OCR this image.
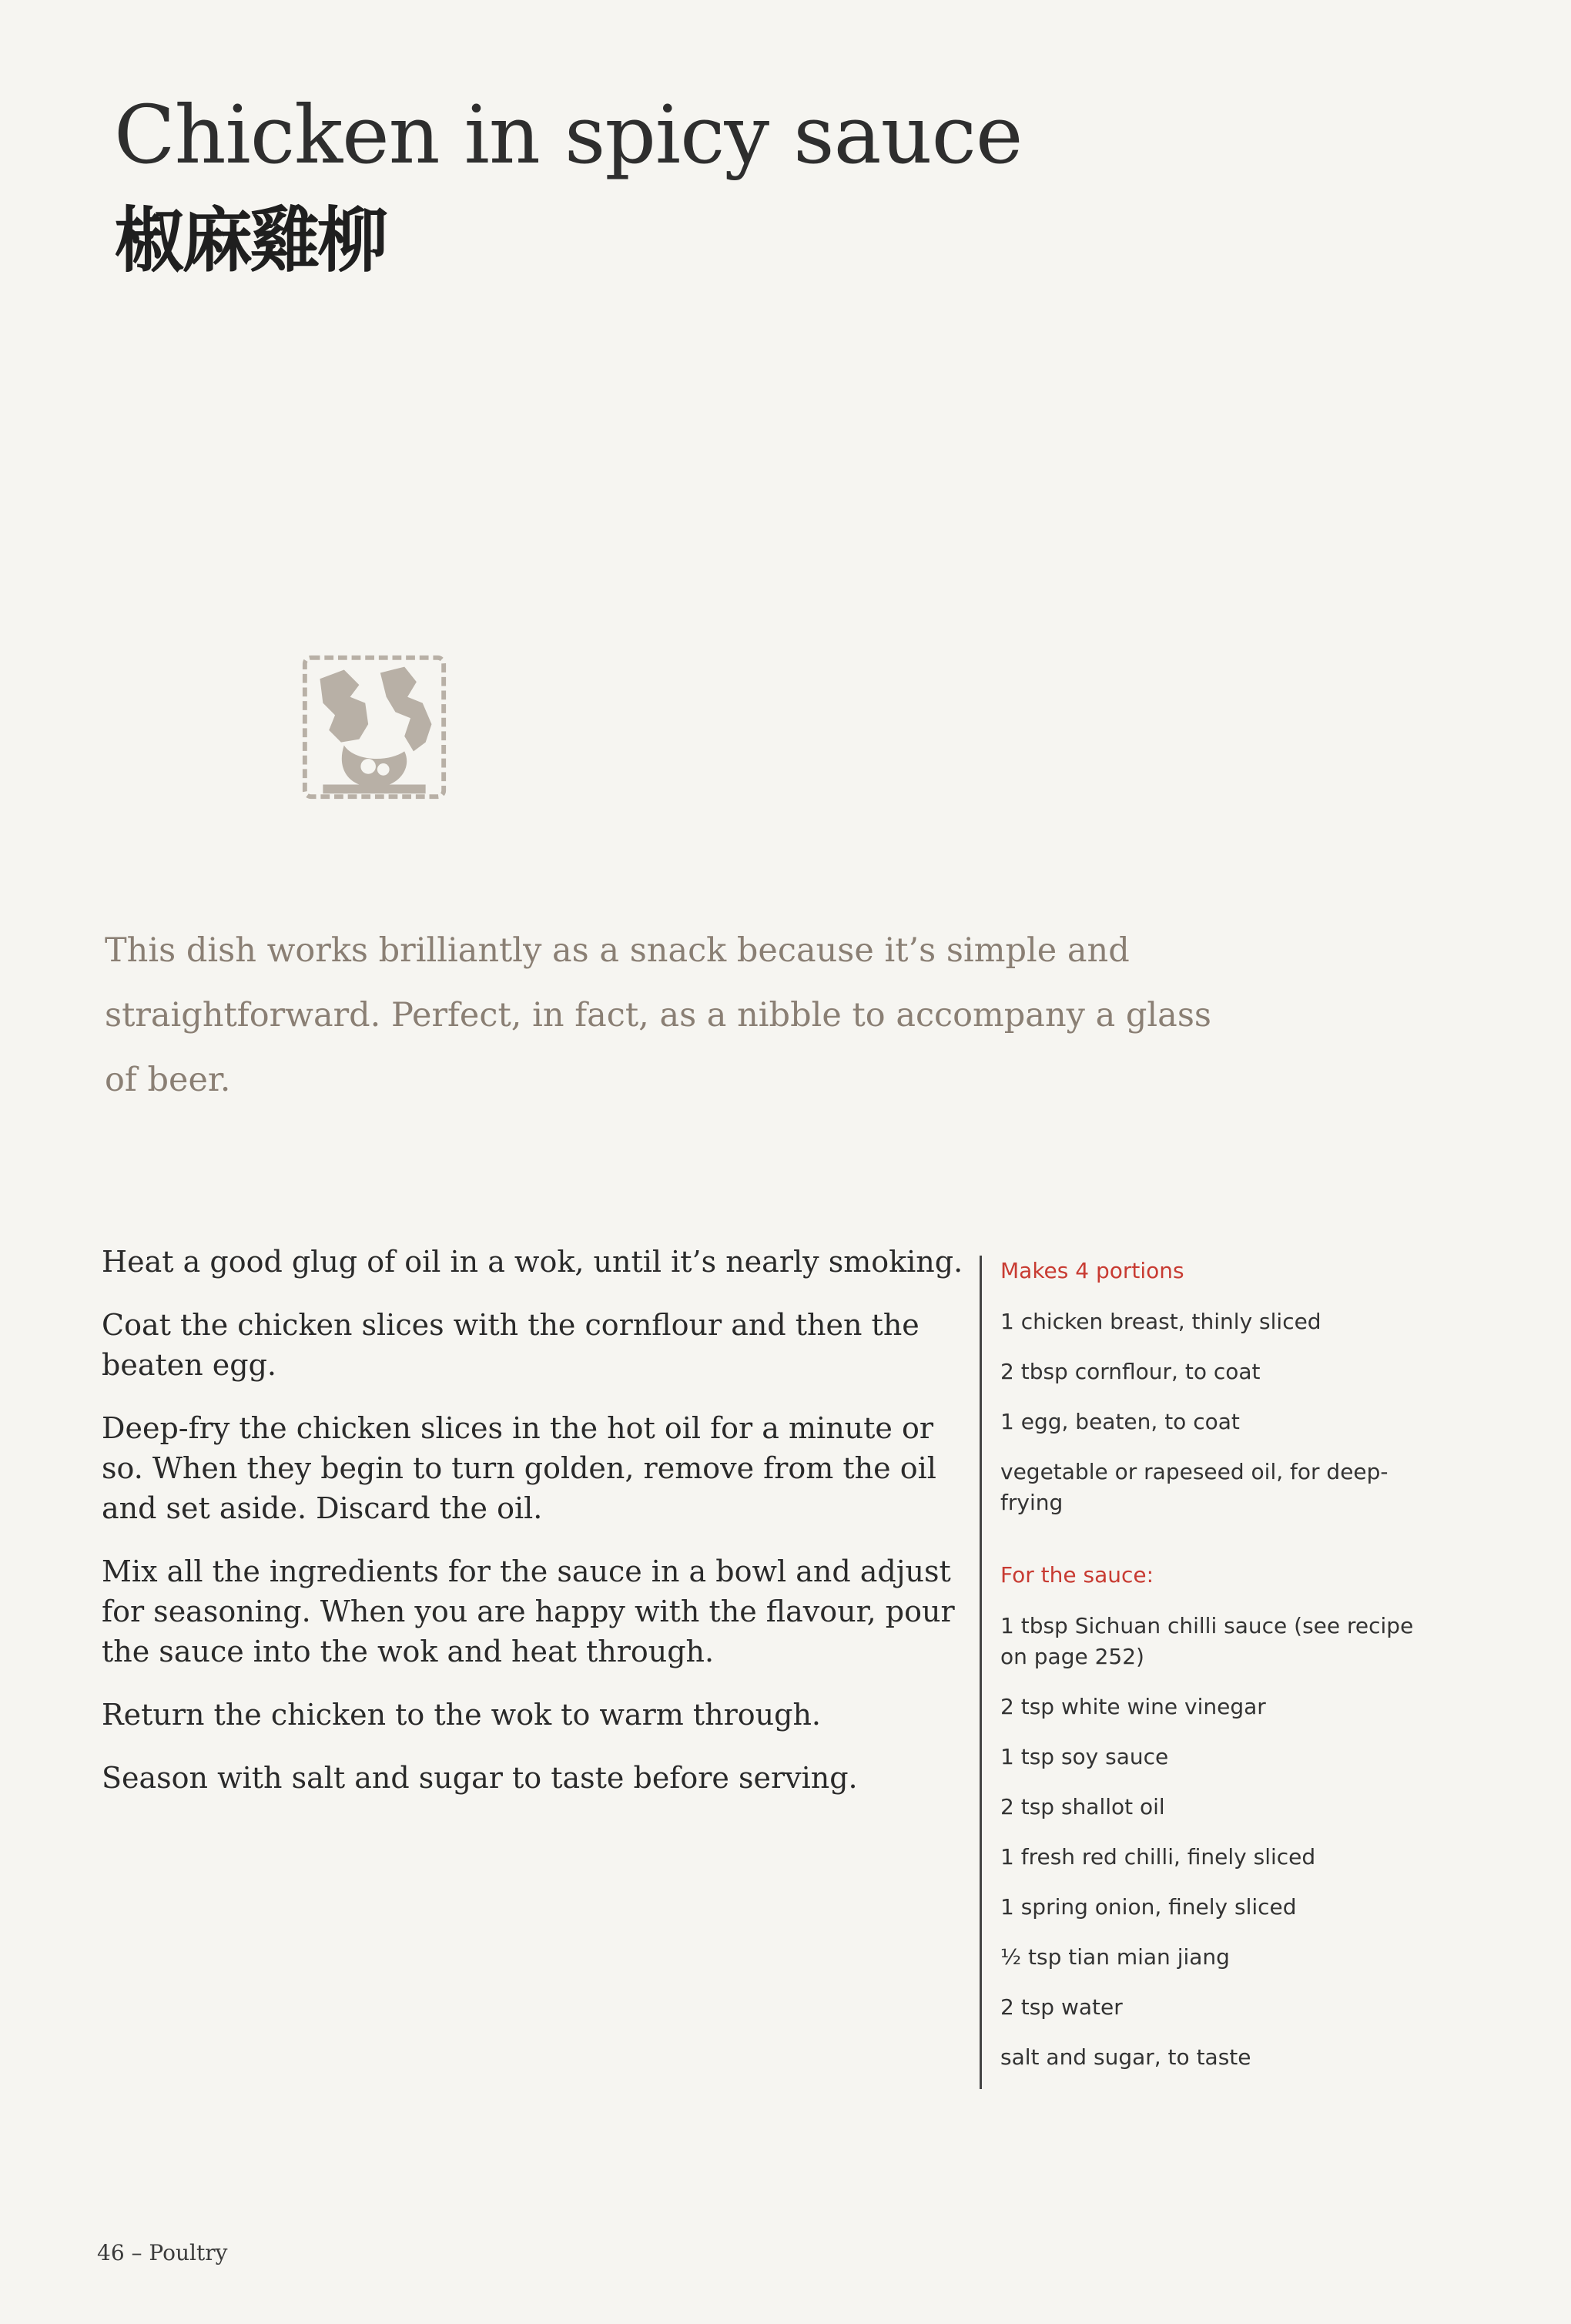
Chicken in spicy sauce
椒麻雞柳

This dish works brilliantly as a snack because it’s simple and straightforward. Perfect, in fact, as a nibble to accompany a glass of beer.

Heat a good glug of oil in a wok, until it’s nearly smoking.

Coat the chicken slices with the cornflour and then the beaten egg.

Deep-fry the chicken slices in the hot oil for a minute or so. When they begin to turn golden, remove from the oil and set aside. Discard the oil.

Mix all the ingredients for the sauce in a bowl and adjust for seasoning. When you are happy with the flavour, pour the sauce into the wok and heat through.

Return the chicken to the wok to warm through.

Season with salt and sugar to taste before serving.

Makes 4 portions
1 chicken breast, thinly sliced
2 tbsp cornflour, to coat
1 egg, beaten, to coat
vegetable or rapeseed oil, for deep-frying
For the sauce:
1 tbsp Sichuan chilli sauce (see recipe on page 252)
2 tsp white wine vinegar
1 tsp soy sauce
2 tsp shallot oil
1 fresh red chilli, finely sliced
1 spring onion, finely sliced
½ tsp tian mian jiang
2 tsp water
salt and sugar, to taste
46 – Poultry
